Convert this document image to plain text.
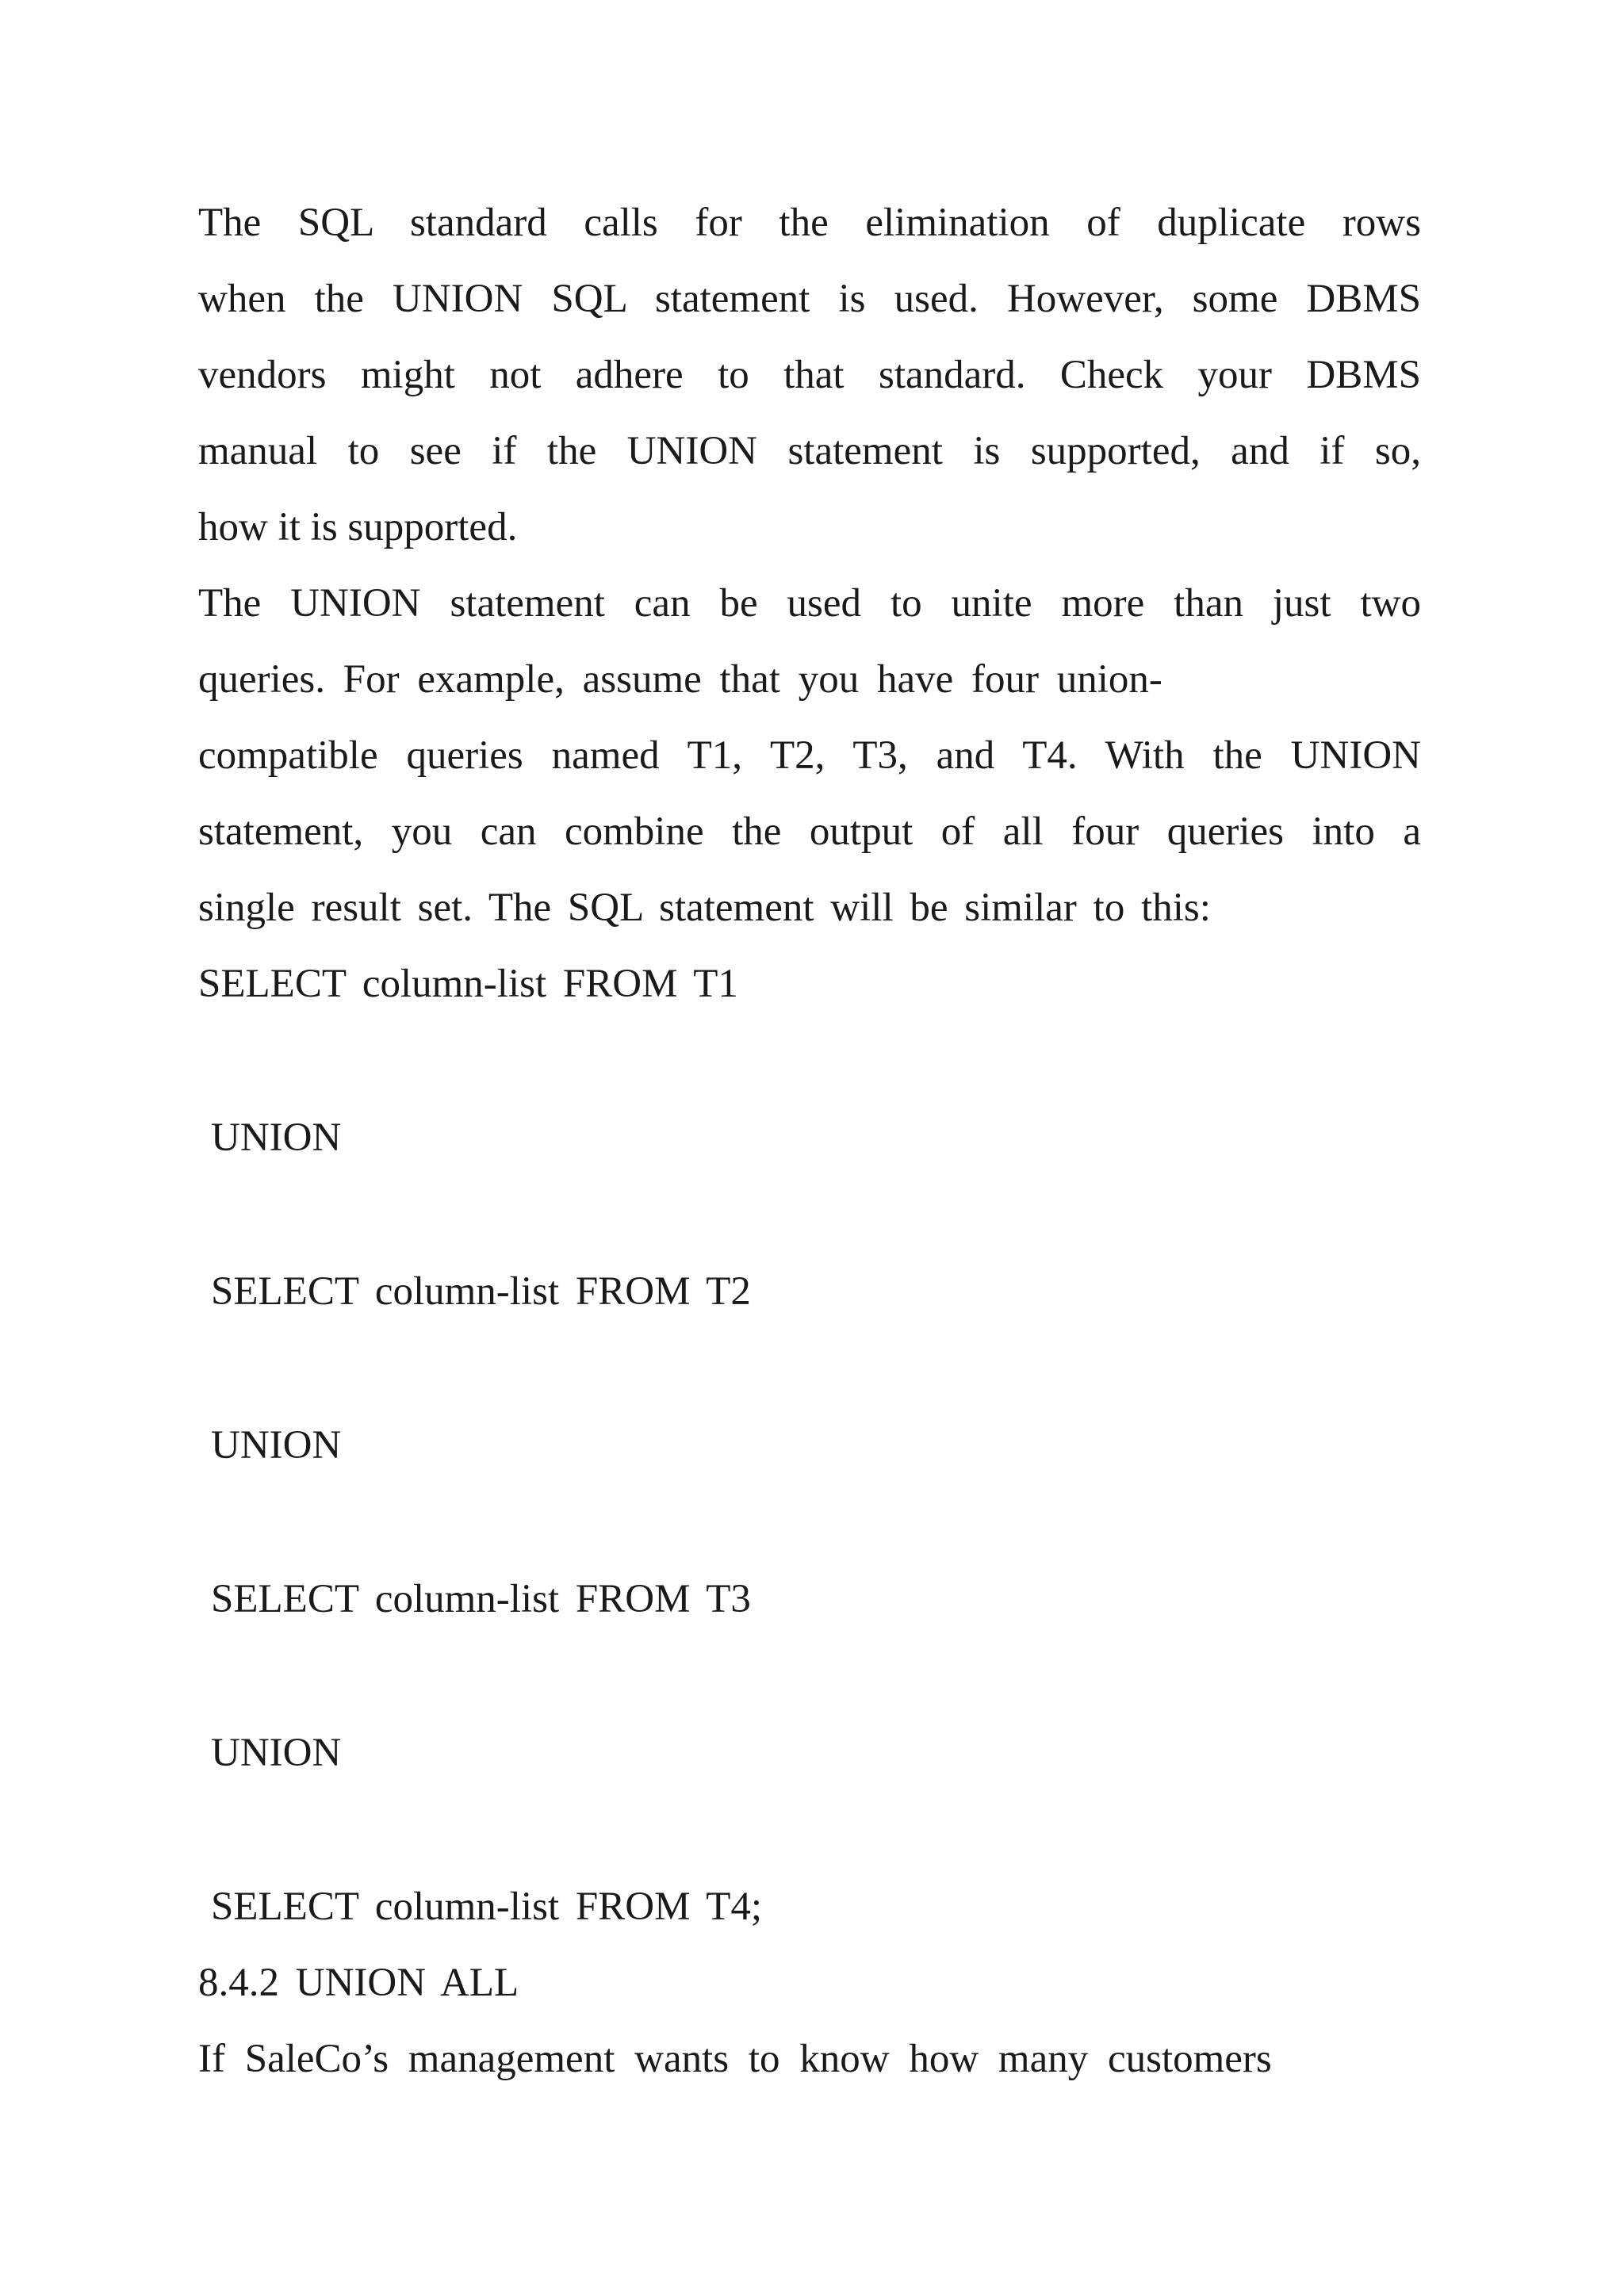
The SQL standard calls for the elimination of duplicate rows
when the UNION SQL statement is used. However, some DBMS
vendors might not adhere to that standard. Check your DBMS
manual to see if the UNION statement is supported, and if so,
how it is supported.
The UNION statement can be used to unite more than just two
queries. For example, assume that you have four union-
compatible queries named T1, T2, T3, and T4. With the UNION
statement, you can combine the output of all four queries into a
single result set. The SQL statement will be similar to this:
SELECT column-list FROM T1
UNION
SELECT column-list FROM T2
UNION
SELECT column-list FROM T3
UNION
SELECT column-list FROM T4;
8.4.2 UNION ALL
If SaleCo’s management wants to know how many customers
